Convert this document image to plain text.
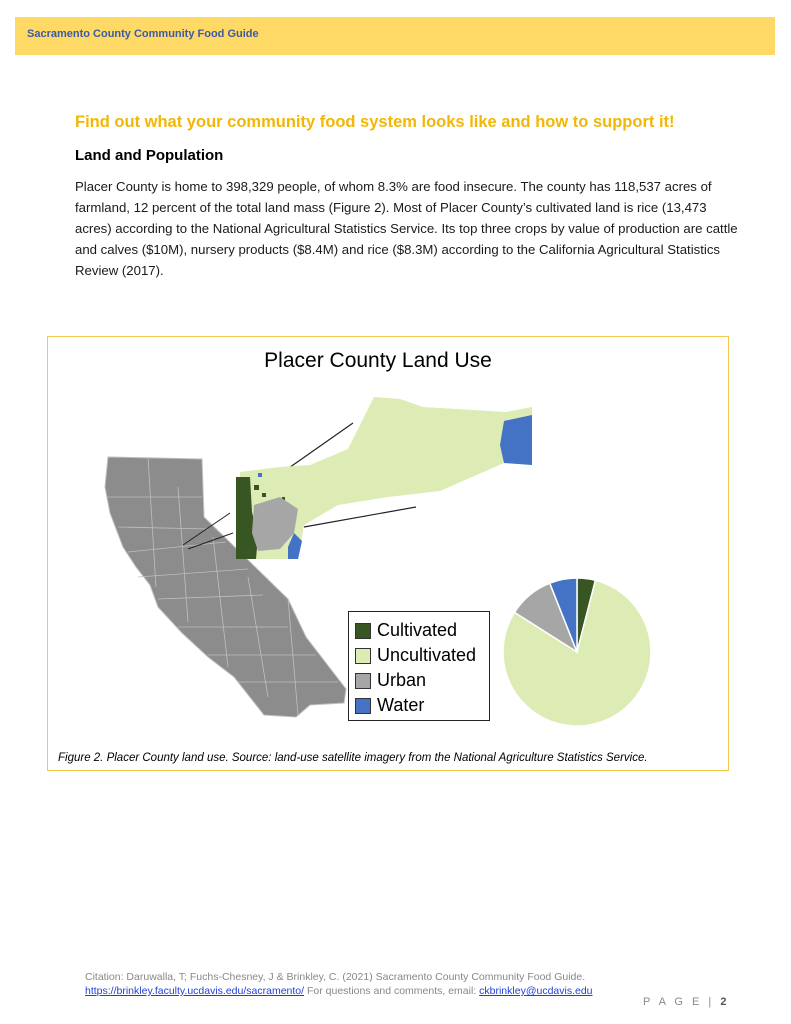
Sacramento County Community Food Guide
Find out what your community food system looks like and how to support it!
Land and Population
Placer County is home to 398,329 people, of whom 8.3% are food insecure. The county has 118,537 acres of farmland, 12 percent of the total land mass (Figure 2). Most of Placer County’s cultivated land is rice (13,473 acres) according to the National Agricultural Statistics Service. Its top three crops by value of production are cattle and calves ($10M), nursery products ($8.4M) and rice ($8.3M) according to the California Agricultural Statistics Review (2017).
Placer County Land Use
Cultivated
Uncultivated
Urban
Water
Figure 2. Placer County land use. Source: land-use satellite imagery from the National Agriculture Statistics Service.
Citation: Daruwalla, T; Fuchs-Chesney, J & Brinkley, C. (2021) Sacramento County Community Food Guide.
https://brinkley.faculty.ucdavis.edu/sacramento/ For questions and comments, email: ckbrinkley@ucdavis.edu
P A G E | 2
